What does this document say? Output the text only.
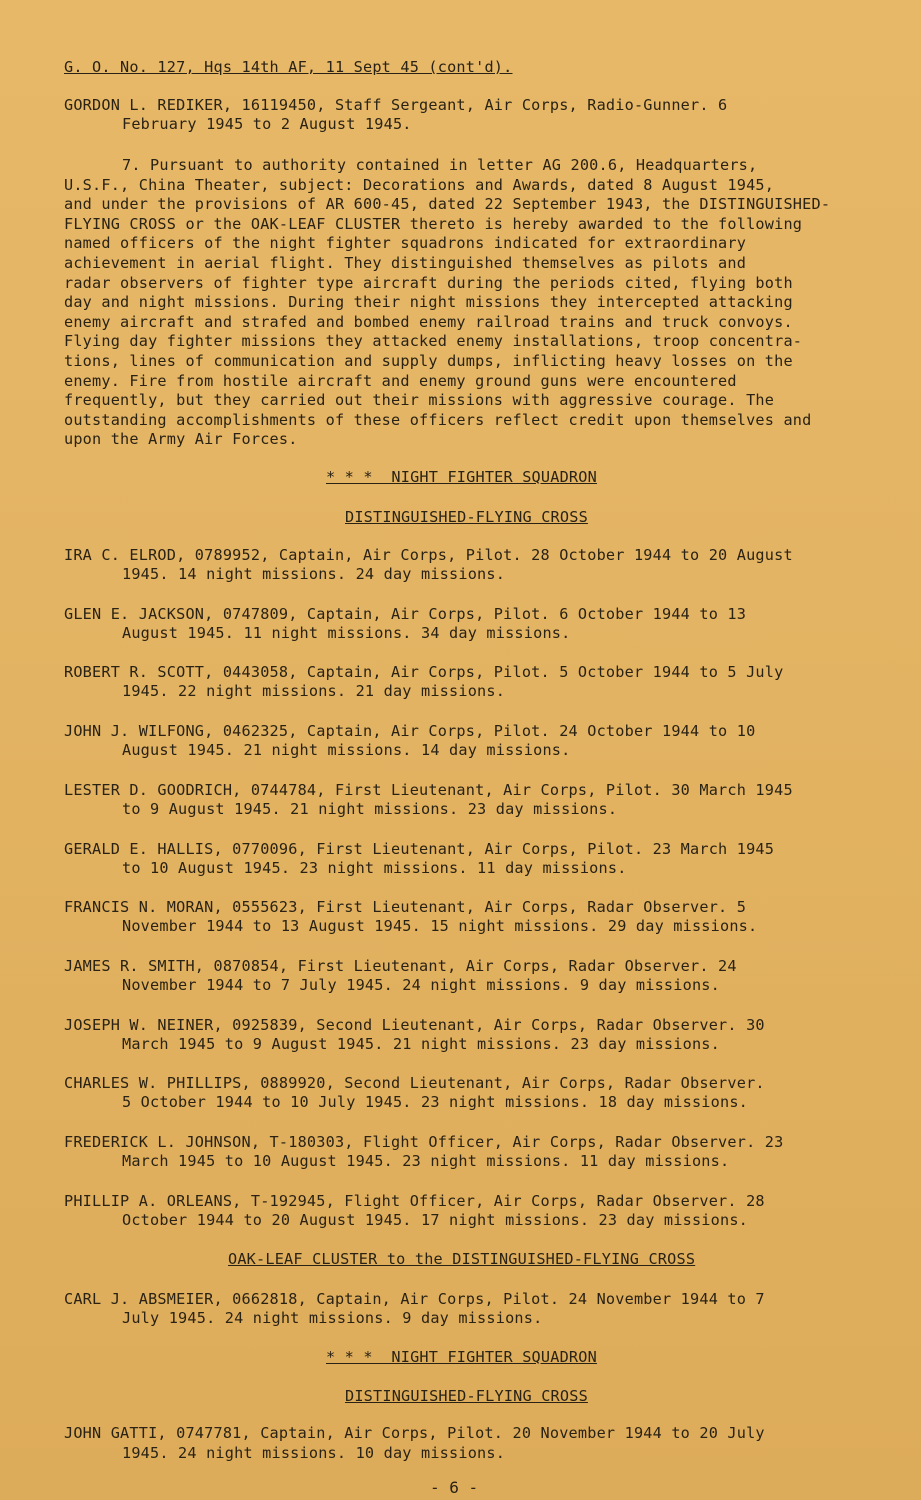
G. O. No. 127, Hqs 14th AF, 11 Sept 45 (cont'd).
GORDON L. REDIKER, 16119450, Staff Sergeant, Air Corps, Radio-Gunner. 6
February 1945 to 2 August 1945.
7. Pursuant to authority contained in letter AG 200.6, Headquarters,
U.S.F., China Theater, subject: Decorations and Awards, dated 8 August 1945,
and under the provisions of AR 600-45, dated 22 September 1943, the DISTINGUISHED-
FLYING CROSS or the OAK-LEAF CLUSTER thereto is hereby awarded to the following
named officers of the night fighter squadrons indicated for extraordinary
achievement in aerial flight. They distinguished themselves as pilots and
radar observers of fighter type aircraft during the periods cited, flying both
day and night missions. During their night missions they intercepted attacking
enemy aircraft and strafed and bombed enemy railroad trains and truck convoys.
Flying day fighter missions they attacked enemy installations, troop concentra-
tions, lines of communication and supply dumps, inflicting heavy losses on the
enemy. Fire from hostile aircraft and enemy ground guns were encountered
frequently, but they carried out their missions with aggressive courage. The
outstanding accomplishments of these officers reflect credit upon themselves and
upon the Army Air Forces.
* * *  NIGHT FIGHTER SQUADRON
DISTINGUISHED-FLYING CROSS
IRA C. ELROD, 0789952, Captain, Air Corps, Pilot. 28 October 1944 to 20 August
1945. 14 night missions. 24 day missions.
GLEN E. JACKSON, 0747809, Captain, Air Corps, Pilot. 6 October 1944 to 13
August 1945. 11 night missions. 34 day missions.
ROBERT R. SCOTT, 0443058, Captain, Air Corps, Pilot. 5 October 1944 to 5 July
1945. 22 night missions. 21 day missions.
JOHN J. WILFONG, 0462325, Captain, Air Corps, Pilot. 24 October 1944 to 10
August 1945. 21 night missions. 14 day missions.
LESTER D. GOODRICH, 0744784, First Lieutenant, Air Corps, Pilot. 30 March 1945
to 9 August 1945. 21 night missions. 23 day missions.
GERALD E. HALLIS, 0770096, First Lieutenant, Air Corps, Pilot. 23 March 1945
to 10 August 1945. 23 night missions. 11 day missions.
FRANCIS N. MORAN, 0555623, First Lieutenant, Air Corps, Radar Observer. 5
November 1944 to 13 August 1945. 15 night missions. 29 day missions.
JAMES R. SMITH, 0870854, First Lieutenant, Air Corps, Radar Observer. 24
November 1944 to 7 July 1945. 24 night missions. 9 day missions.
JOSEPH W. NEINER, 0925839, Second Lieutenant, Air Corps, Radar Observer. 30
March 1945 to 9 August 1945. 21 night missions. 23 day missions.
CHARLES W. PHILLIPS, 0889920, Second Lieutenant, Air Corps, Radar Observer.
5 October 1944 to 10 July 1945. 23 night missions. 18 day missions.
FREDERICK L. JOHNSON, T-180303, Flight Officer, Air Corps, Radar Observer. 23
March 1945 to 10 August 1945. 23 night missions. 11 day missions.
PHILLIP A. ORLEANS, T-192945, Flight Officer, Air Corps, Radar Observer. 28
October 1944 to 20 August 1945. 17 night missions. 23 day missions.
OAK-LEAF CLUSTER to the DISTINGUISHED-FLYING CROSS
CARL J. ABSMEIER, 0662818, Captain, Air Corps, Pilot. 24 November 1944 to 7
July 1945. 24 night missions. 9 day missions.
* * *  NIGHT FIGHTER SQUADRON
DISTINGUISHED-FLYING CROSS
JOHN GATTI, 0747781, Captain, Air Corps, Pilot. 20 November 1944 to 20 July
1945. 24 night missions. 10 day missions.
- 6 -
